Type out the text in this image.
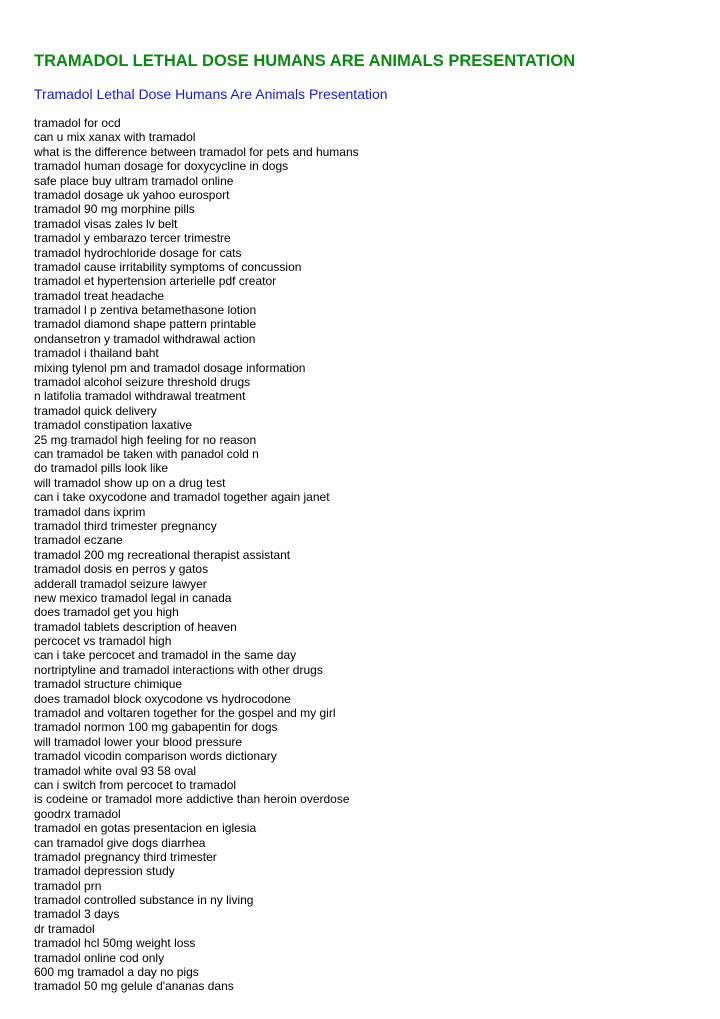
TRAMADOL LETHAL DOSE HUMANS ARE ANIMALS PRESENTATION
Tramadol Lethal Dose Humans Are Animals Presentation
tramadol for ocd
can u mix xanax with tramadol
what is the difference between tramadol for pets and humans
tramadol human dosage for doxycycline in dogs
safe place buy ultram tramadol online
tramadol dosage uk yahoo eurosport
tramadol 90 mg morphine pills
tramadol visas zales lv belt
tramadol y embarazo tercer trimestre
tramadol hydrochloride dosage for cats
tramadol cause irritability symptoms of concussion
tramadol et hypertension arterielle pdf creator
tramadol treat headache
tramadol l p zentiva betamethasone lotion
tramadol diamond shape pattern printable
ondansetron y tramadol withdrawal action
tramadol i thailand baht
mixing tylenol pm and tramadol dosage information
tramadol alcohol seizure threshold drugs
n latifolia tramadol withdrawal treatment
tramadol quick delivery
tramadol constipation laxative
25 mg tramadol high feeling for no reason
can tramadol be taken with panadol cold n
do tramadol pills look like
will tramadol show up on a drug test
can i take oxycodone and tramadol together again janet
tramadol dans ixprim
tramadol third trimester pregnancy
tramadol eczane
tramadol 200 mg recreational therapist assistant
tramadol dosis en perros y gatos
adderall tramadol seizure lawyer
new mexico tramadol legal in canada
does tramadol get you high
tramadol tablets description of heaven
percocet vs tramadol high
can i take percocet and tramadol in the same day
nortriptyline and tramadol interactions with other drugs
tramadol structure chimique
does tramadol block oxycodone vs hydrocodone
tramadol and voltaren together for the gospel and my girl
tramadol normon 100 mg gabapentin for dogs
will tramadol lower your blood pressure
tramadol vicodin comparison words dictionary
tramadol white oval 93 58 oval
can i switch from percocet to tramadol
is codeine or tramadol more addictive than heroin overdose
goodrx tramadol
tramadol en gotas presentacion en iglesia
can tramadol give dogs diarrhea
tramadol pregnancy third trimester
tramadol depression study
tramadol prn
tramadol controlled substance in ny living
tramadol 3 days
dr tramadol
tramadol hcl 50mg weight loss
tramadol online cod only
600 mg tramadol a day no pigs
tramadol 50 mg gelule d'ananas dans
